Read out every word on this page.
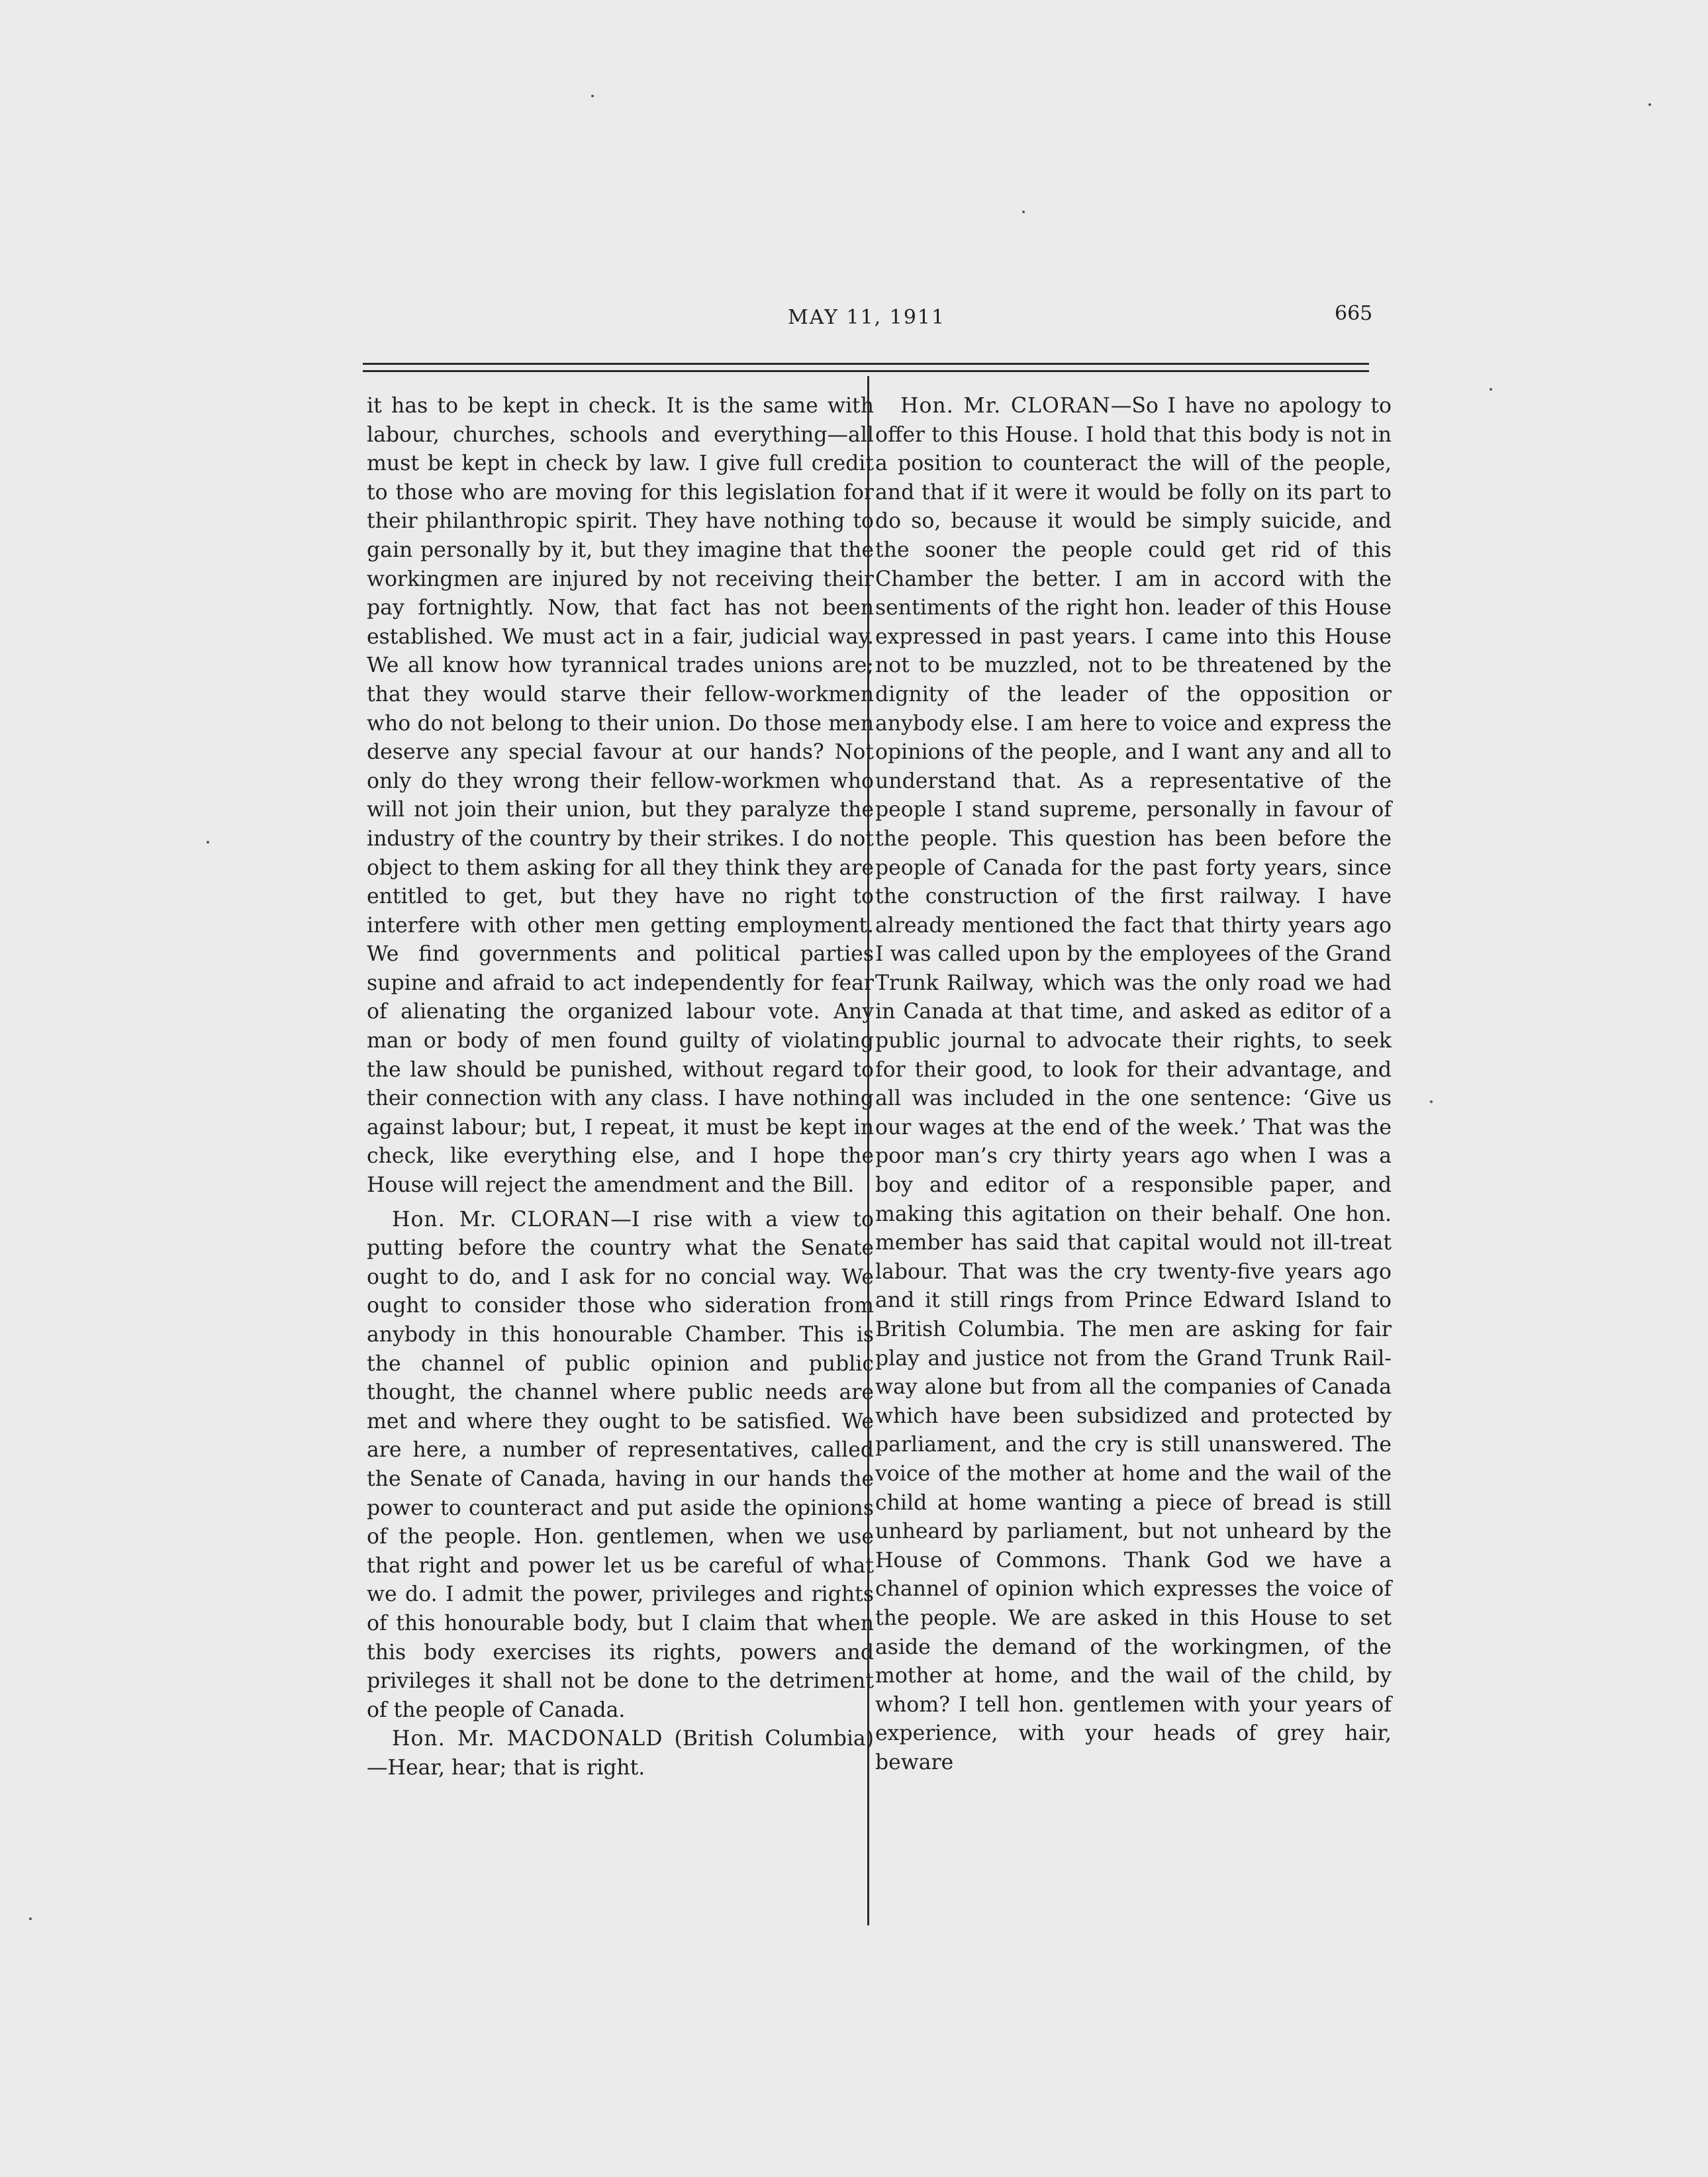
MAY 11, 1911	665

it has to be kept in check. It is the same with labour, churches, schools and everything—all must be kept in check by law. I give full credit to those who are moving for this legislation for their philanthropic spirit. They have nothing to gain personally by it, but they imagine that the workingmen are injured by not receiving their pay fortnightly. Now, that fact has not been established. We must act in a fair, judicial way. We all know how tyrannical trades unions are; that they would starve their fellow-workmen who do not belong to their union. Do those men deserve any special favour at our hands? Not only do they wrong their fellow-workmen who will not join their union, but they paralyze the industry of the country by their strikes. I do not object to them asking for all they think they are entitled to get, but they have no right to interfere with other men getting employment. We find governments and political parties supine and afraid to act independently for fear of alienating the organized labour vote. Any man or body of men found guilty of violating the law should be punished, without regard to their connection with any class. I have nothing against labour; but, I repeat, it must be kept in check, like everything else, and I hope the House will reject the amendment and the Bill.

Hon. Mr. CLORAN—I rise with a view to putting before the country what the Senate ought to do, and I ask for no concial way. We ought to consider those who sideration from anybody in this honourable Chamber. This is the channel of public opinion and public thought, the channel where public needs are met and where they ought to be satisfied. We are here, a number of representatives, called the Senate of Canada, having in our hands the power to counteract and put aside the opinions of the people. Hon. gentlemen, when we use that right and power let us be careful of what we do. I admit the power, privileges and rights of this honourable body, but I claim that when this body exercises its rights, powers and privileges it shall not be done to the detriment of the people of Canada.

Hon. Mr. MACDONALD (British Columbia)—Hear, hear; that is right.

Hon. Mr. CLORAN—So I have no apology to offer to this House. I hold that this body is not in a position to counteract the will of the people, and that if it were it would be folly on its part to do so, because it would be simply suicide, and the sooner the people could get rid of this Chamber the better. I am in accord with the sentiments of the right hon. leader of this House expressed in past years. I came into this House not to be muzzled, not to be threatened by the dignity of the leader of the opposition or anybody else. I am here to voice and express the opinions of the people, and I want any and all to understand that. As a representative of the people I stand supreme, personally in favour of the people. This question has been before the people of Canada for the past forty years, since the construction of the first railway. I have already mentioned the fact that thirty years ago I was called upon by the employees of the Grand Trunk Railway, which was the only road we had in Canada at that time, and asked as editor of a public journal to advocate their rights, to seek for their good, to look for their advantage, and all was included in the one sentence: ‘Give us our wages at the end of the week.’ That was the poor man’s cry thirty years ago when I was a boy and editor of a responsible paper, and making this agitation on their behalf. One hon. member has said that capital would not ill-treat labour. That was the cry twenty-five years ago and it still rings from Prince Edward Island to British Columbia. The men are asking for fair play and justice not from the Grand Trunk Railway alone but from all the companies of Canada which have been subsidized and protected by parliament, and the cry is still unanswered. The voice of the mother at home and the wail of the child at home wanting a piece of bread is still unheard by parliament, but not unheard by the House of Commons. Thank God we have a channel of opinion which expresses the voice of the people. We are asked in this House to set aside the demand of the workingmen, of the mother at home, and the wail of the child, by whom? I tell hon. gentlemen with your years of experience, with your heads of grey hair, beware
